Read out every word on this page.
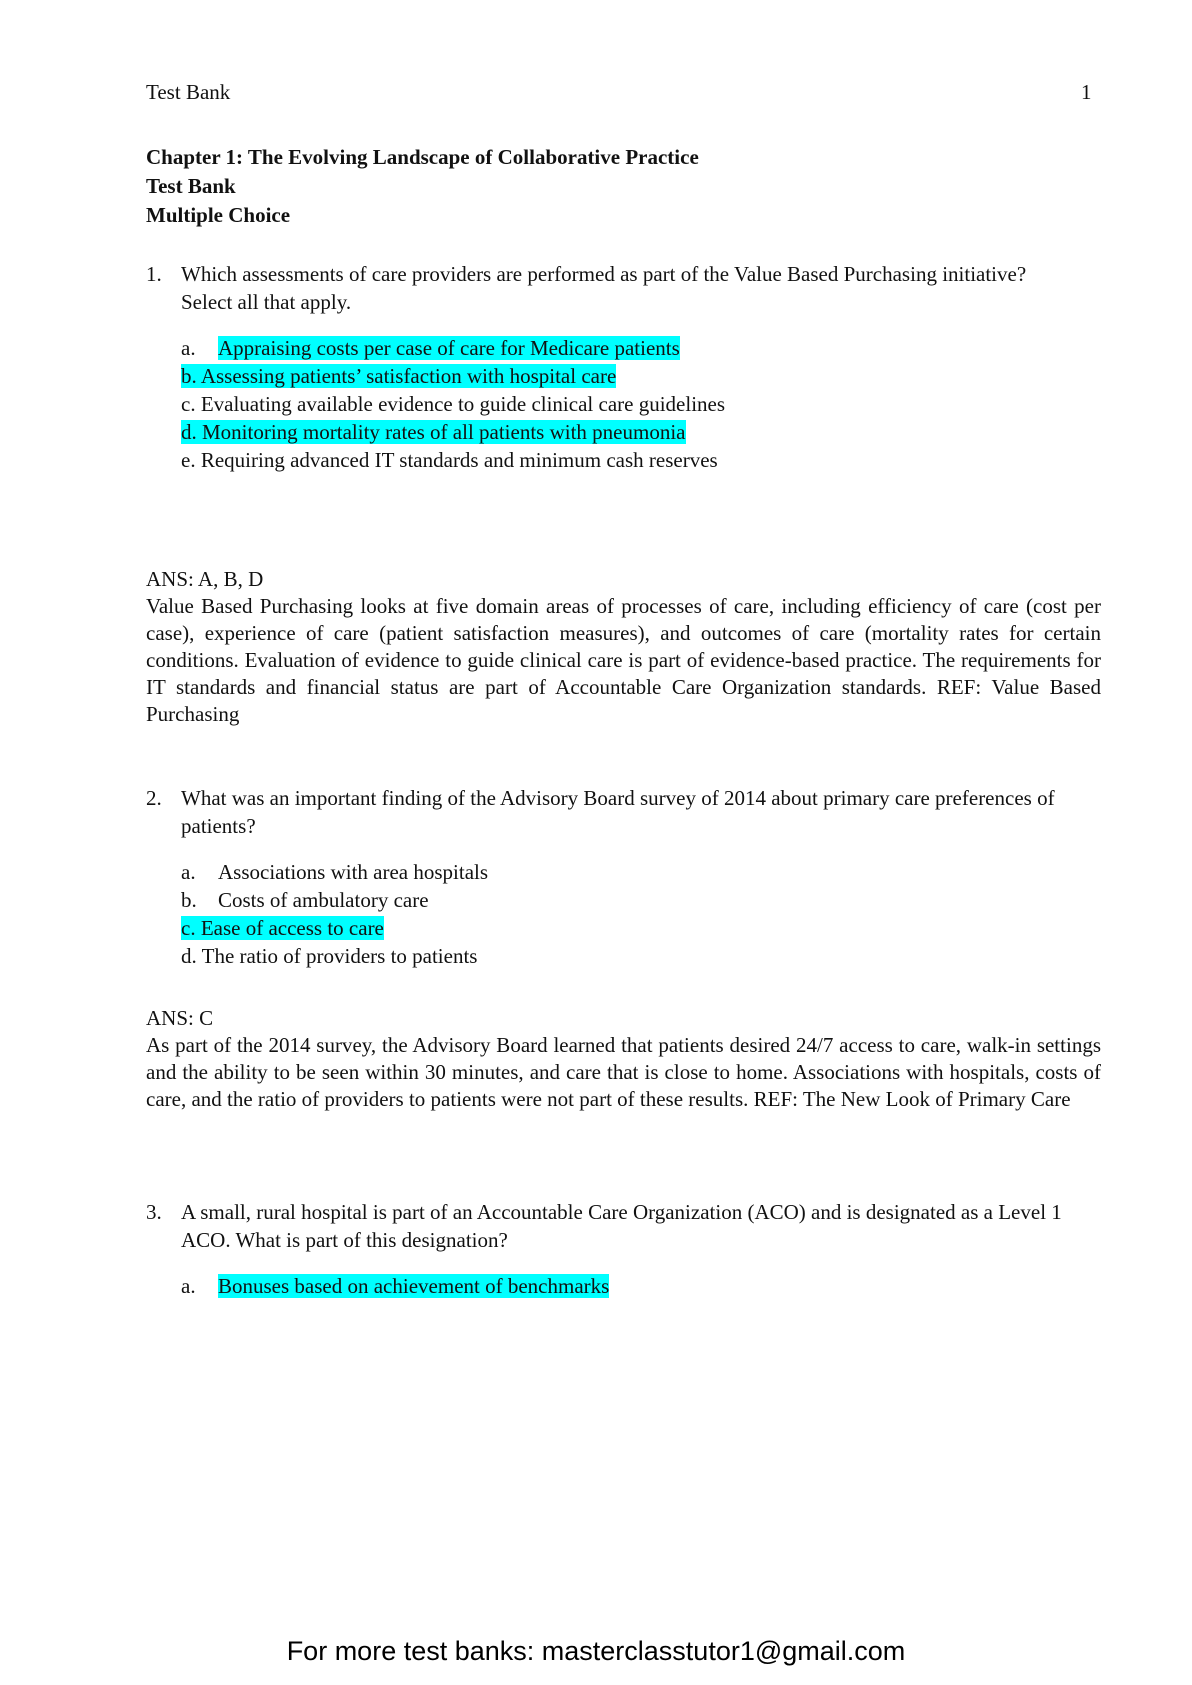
Test Bank	1
Chapter 1: The Evolving Landscape of Collaborative Practice
Test Bank
Multiple Choice
1. Which assessments of care providers are performed as part of the Value Based Purchasing initiative?
Select all that apply.
a. Appraising costs per case of care for Medicare patients
b. Assessing patients’ satisfaction with hospital care
c. Evaluating available evidence to guide clinical care guidelines
d. Monitoring mortality rates of all patients with pneumonia
e. Requiring advanced IT standards and minimum cash reserves
ANS: A, B, D
Value Based Purchasing looks at five domain areas of processes of care, including efficiency of care (cost per case), experience of care (patient satisfaction measures), and outcomes of care (mortality rates for certain conditions. Evaluation of evidence to guide clinical care is part of evidence-based practice. The requirements for IT standards and financial status are part of Accountable Care Organization standards. REF: Value Based Purchasing
2. What was an important finding of the Advisory Board survey of 2014 about primary care preferences of patients?
a. Associations with area hospitals
b. Costs of ambulatory care
c. Ease of access to care
d. The ratio of providers to patients
ANS: C
As part of the 2014 survey, the Advisory Board learned that patients desired 24/7 access to care, walk-in settings and the ability to be seen within 30 minutes, and care that is close to home. Associations with hospitals, costs of care, and the ratio of providers to patients were not part of these results. REF: The New Look of Primary Care
3. A small, rural hospital is part of an Accountable Care Organization (ACO) and is designated as a Level 1 ACO. What is part of this designation?
a. Bonuses based on achievement of benchmarks
For more test banks: masterclasstutor1@gmail.com
